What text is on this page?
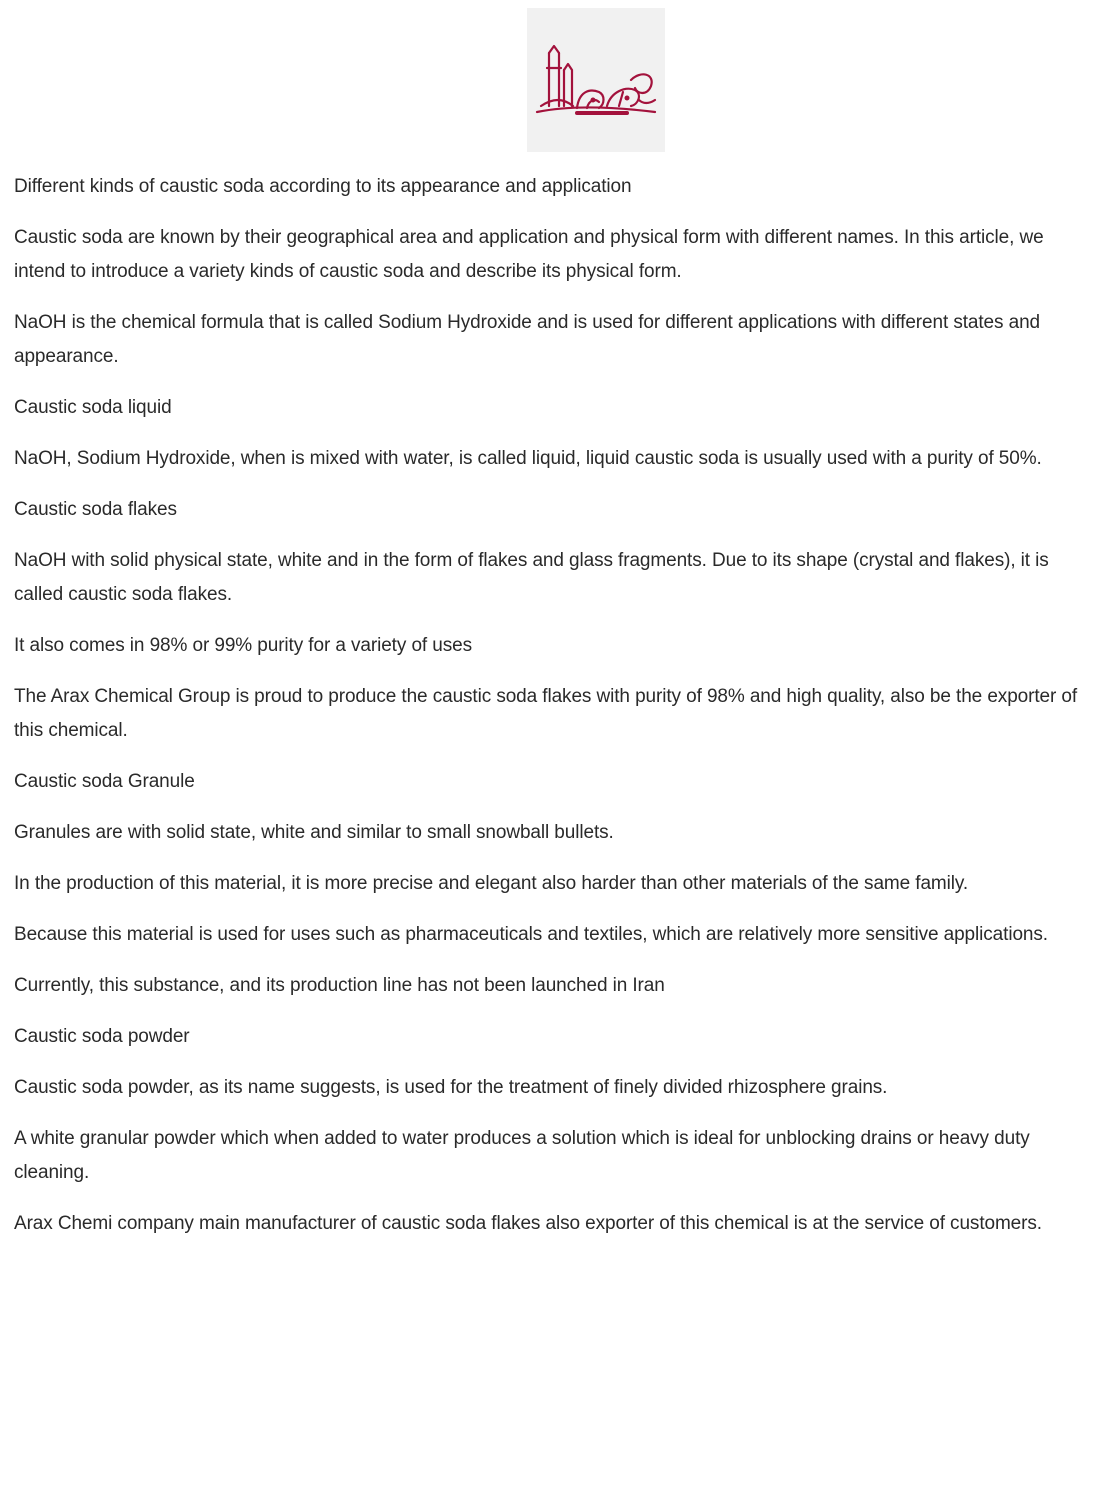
Different kinds of caustic soda according to its appearance and application

Caustic soda are known by their geographical area and application and physical form with different names. In this article, we intend to introduce a variety kinds of caustic soda and describe its physical form.

NaOH is the chemical formula that is called Sodium Hydroxide and is used for different applications with different states and appearance.

Caustic soda liquid

NaOH, Sodium Hydroxide, when is mixed with water, is called liquid, liquid caustic soda is usually used with a purity of 50%.

Caustic soda flakes

NaOH with solid physical state, white and in the form of flakes and glass fragments. Due to its shape (crystal and flakes), it is called caustic soda flakes.

It also comes in 98% or 99% purity for a variety of uses

The Arax Chemical Group is proud to produce the caustic soda flakes with purity of 98% and high quality, also be the exporter of this chemical.

Caustic soda Granule

Granules are with solid state, white and similar to small snowball bullets.

In the production of this material, it is more precise and elegant also harder than other materials of the same family.

Because this material is used for uses such as pharmaceuticals and textiles, which are relatively more sensitive applications.

Currently, this substance, and its production line has not been launched in Iran

Caustic soda powder

Caustic soda powder, as its name suggests, is used for the treatment of finely divided rhizosphere grains.

A white granular powder which when added to water produces a solution which is ideal for unblocking drains or heavy duty cleaning.

Arax Chemi company main manufacturer of caustic soda flakes also exporter of this chemical is at the service of customers.
